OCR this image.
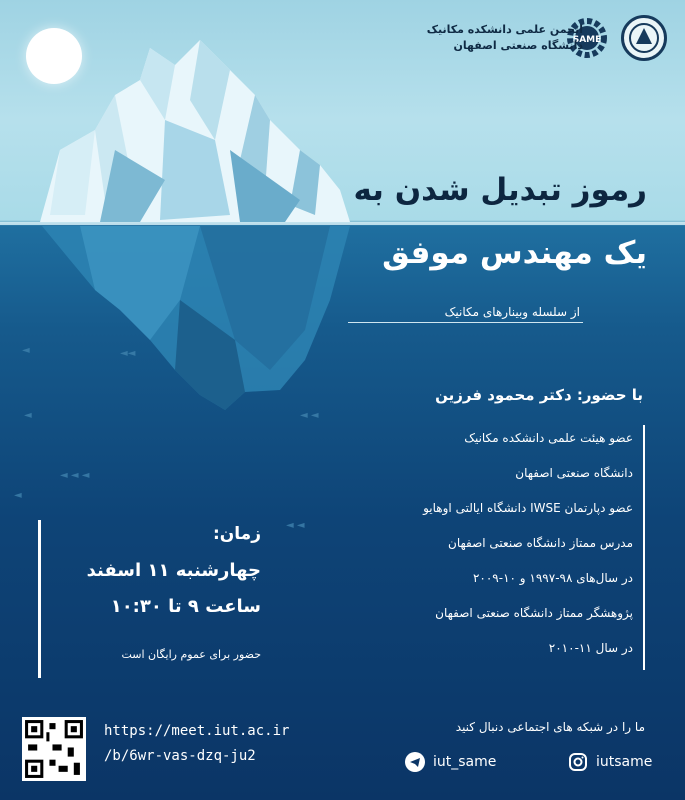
◄◄
◄
◄ ◄
◄
◄ ◄ ◄
◄
◄ ◄
SAME
انجمن علمی دانشکده مکانیک
دانشگاه صنعتی اصفهان
رموز تبدیل شدن به
یک مهندس موفق
از سلسله وبینارهای مکانیک
با حضور: دکتر محمود فرزین
عضو هیئت علمی دانشکده مکانیک
دانشگاه صنعتی اصفهان
عضو دپارتمان IWSE دانشگاه ایالتی اوهایو
مدرس ممتاز دانشگاه صنعتی اصفهان
در سال‌های ۹۸-۱۹۹۷ و ۱۰-۲۰۰۹
پژوهشگر ممتاز دانشگاه صنعتی اصفهان
در سال ۱۱-۲۰۱۰
زمان:
چهارشنبه ۱۱ اسفند
ساعت ۹ تا ۱۰:۳۰
حضور برای عموم رایگان است
https://meet.iut.ac.ir
/b/6wr-vas-dzq-ju2
ما را در شبکه های اجتماعی دنبال کنید
iut_same	iutsame
